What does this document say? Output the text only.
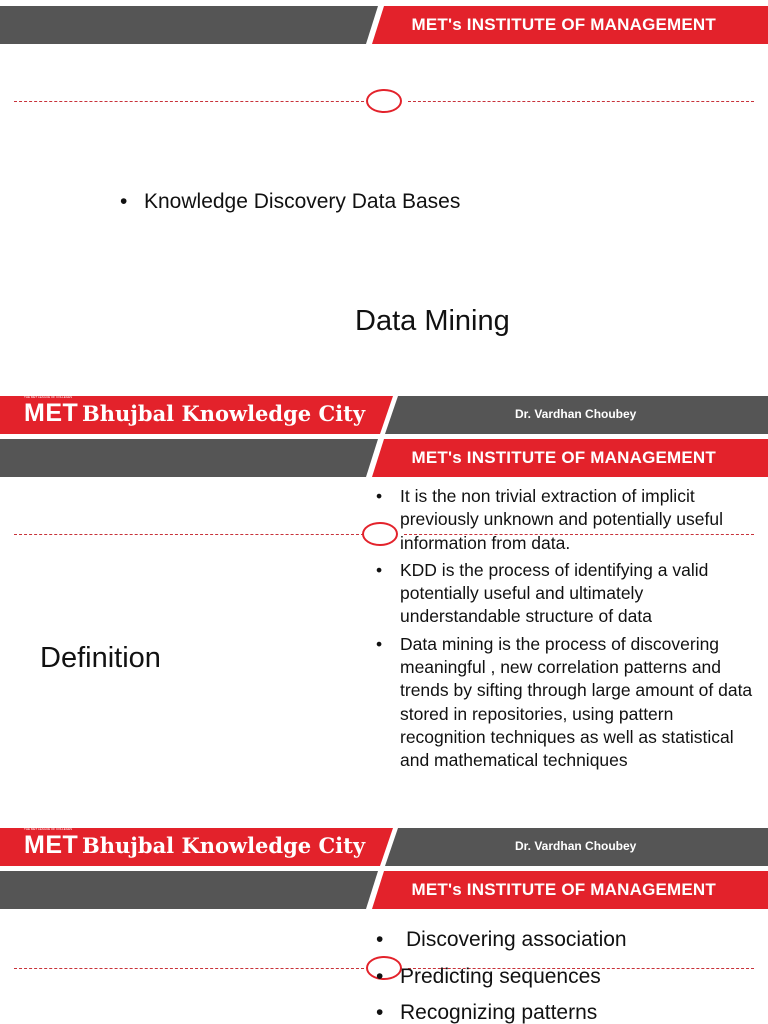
MET's INSTITUTE OF MANAGEMENT
• Knowledge Discovery Data Bases
Data Mining
THE MET LEAGUE OF COLLEGES
MET Bhujbal Knowledge City	Dr. Vardhan Choubey
MET's INSTITUTE OF MANAGEMENT
Definition
• It is the non trivial extraction of implicit previously unknown and potentially useful information from data.
• KDD is the process of identifying a valid potentially useful and ultimately understandable structure of data
• Data mining is the process of discovering meaningful , new correlation patterns and trends by sifting through large amount of data stored in repositories, using pattern recognition techniques as well as statistical and mathematical techniques
THE MET LEAGUE OF COLLEGES
MET Bhujbal Knowledge City	Dr. Vardhan Choubey
MET's INSTITUTE OF MANAGEMENT
• Discovering association
• Predicting sequences
• Recognizing patterns
